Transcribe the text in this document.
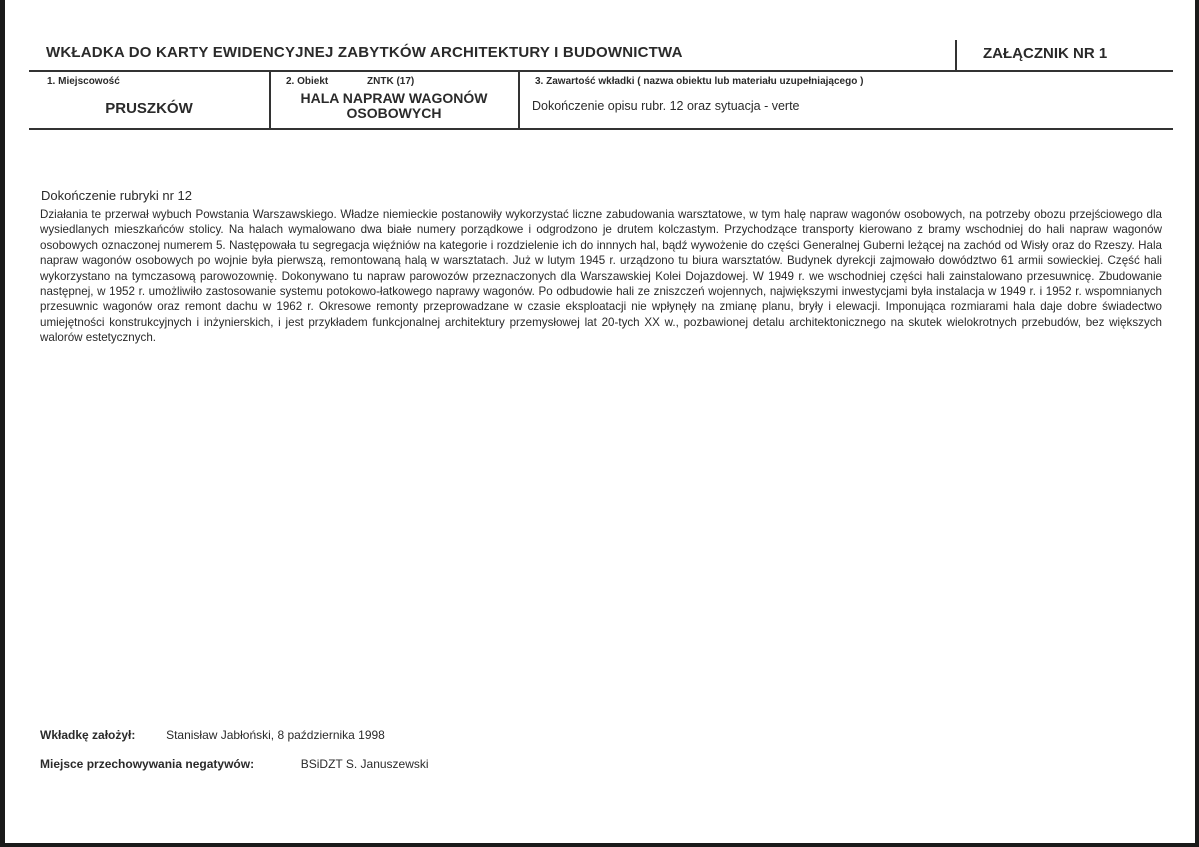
WKŁADKA DO KARTY EWIDENCYJNEJ ZABYTKÓW ARCHITEKTURY I BUDOWNICTWA	ZAŁĄCZNIK NR 1
1. Miejscowość
PRUSZKÓW
2. Obiekt	ZNTK (17)
HALA NAPRAW WAGONÓW
OSOBOWYCH
3. Zawartość wkładki ( nazwa obiektu lub materiału uzupełniającego )
Dokończenie opisu rubr. 12 oraz sytuacja - verte
Dokończenie rubryki nr 12

Działania te przerwał wybuch Powstania Warszawskiego. Władze niemieckie postanowiły wykorzystać liczne zabudowania warsztatowe, w tym halę napraw wagonów osobowych, na potrzeby obozu przejściowego dla wysiedlanych mieszkańców stolicy. Na halach wymalowano dwa białe numery porządkowe i odgrodzono je drutem kolczastym. Przychodzące transporty kierowano z bramy wschodniej do hali napraw wagonów osobowych oznaczonej numerem 5. Następowała tu segregacja więźniów na kategorie i rozdzielenie ich do innnych hal, bądź wywożenie do części Generalnej Guberni leżącej na zachód od Wisły oraz do Rzeszy. Hala napraw wagonów osobowych po wojnie była pierwszą, remontowaną halą w warsztatach. Już w lutym 1945 r. urządzono tu biura warsztatów. Budynek dyrekcji zajmowało dowództwo 61 armii sowieckiej. Część hali wykorzystano na tymczasową parowozownię. Dokonywano tu napraw parowozów przeznaczonych dla Warszawskiej Kolei Dojazdowej. W 1949 r. we wschodniej części hali zainstalowano przesuwnicę. Zbudowanie następnej, w 1952 r. umożliwiło zastosowanie systemu potokowo-łatkowego naprawy wagonów. Po odbudowie hali ze zniszczeń wojennych, największymi inwestycjami była instalacja w 1949 r. i 1952 r. wspomnianych przesuwnic wagonów oraz remont dachu w 1962 r. Okresowe remonty przeprowadzane w czasie eksploatacji nie wpłynęły na zmianę planu, bryły i elewacji. Imponująca rozmiarami hala daje dobre świadectwo umiejętności konstrukcyjnych i inżynierskich, i jest przykładem funkcjonalnej architektury przemysłowej lat 20-tych XX w., pozbawionej detalu architektonicznego na skutek wielokrotnych przebudów, bez większych walorów estetycznych.

Wkładkę założył:	Stanisław Jabłoński, 8 października 1998
Miejsce przechowywania negatywów:	BSiDZT S. Januszewski
